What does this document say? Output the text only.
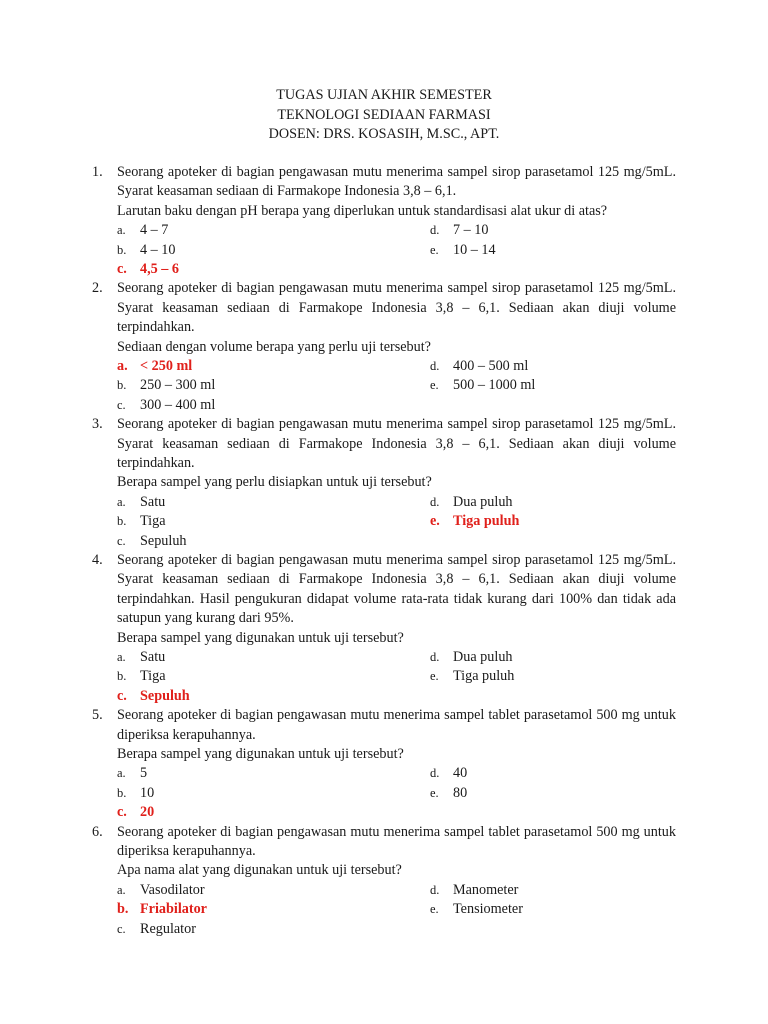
TUGAS UJIAN AKHIR SEMESTER
TEKNOLOGI SEDIAAN FARMASI
DOSEN: DRS. KOSASIH, M.SC., APT.
1. Seorang apoteker di bagian pengawasan mutu menerima sampel sirop parasetamol 125 mg/5mL. Syarat keasaman sediaan di Farmakope Indonesia 3,8 – 6,1.

Larutan baku dengan pH berapa yang diperlukan untuk standardisasi alat ukur di atas?

a.	4 – 7	d. 7 – 10
b. 4 – 10	e.	10 – 14
c. 4,5 – 6
2. Seorang apoteker di bagian pengawasan mutu menerima sampel sirop parasetamol 125 mg/5mL. Syarat keasaman sediaan di Farmakope Indonesia 3,8 – 6,1. Sediaan akan diuji volume terpindahkan.

Sediaan dengan volume berapa yang perlu uji tersebut?

a. < 250 ml	d. 400 – 500 ml
b. 250 – 300 ml	e.	500 – 1000 ml
c.	300 – 400 ml
3. Seorang apoteker di bagian pengawasan mutu menerima sampel sirop parasetamol 125 mg/5mL. Syarat keasaman sediaan di Farmakope Indonesia 3,8 – 6,1. Sediaan akan diuji volume terpindahkan.

Berapa sampel yang perlu disiapkan untuk uji tersebut?

a.	Satu	d. Dua puluh
b. Tiga	e. Tiga puluh
c.	Sepuluh
4. Seorang apoteker di bagian pengawasan mutu menerima sampel sirop parasetamol 125 mg/5mL. Syarat keasaman sediaan di Farmakope Indonesia 3,8 – 6,1. Sediaan akan diuji volume terpindahkan. Hasil pengukuran didapat volume rata-rata tidak kurang dari 100% dan tidak ada satupun yang kurang dari 95%.

Berapa sampel yang digunakan untuk uji tersebut?

a.	Satu	d. Dua puluh
b. Tiga	e.	Tiga puluh
c. Sepuluh
5. Seorang apoteker di bagian pengawasan mutu menerima sampel tablet parasetamol 500 mg untuk diperiksa kerapuhannya.

Berapa sampel yang digunakan untuk uji tersebut?

a.	5	d. 40
b. 10	e.	80
c. 20
6. Seorang apoteker di bagian pengawasan mutu menerima sampel tablet parasetamol 500 mg untuk diperiksa kerapuhannya.

Apa nama alat yang digunakan untuk uji tersebut?

a.	Vasodilator	d. Manometer
b. Friabilator	e.	Tensiometer
c.	Regulator
